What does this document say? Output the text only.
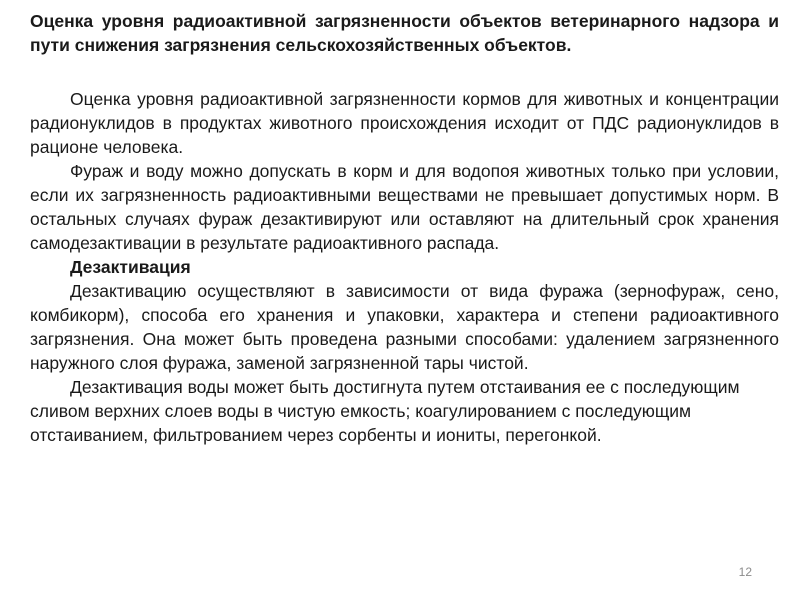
Оценка уровня радиоактивной загрязненности объектов ветеринарного надзора и пути снижения загрязнения сельскохозяйственных объектов.

Оценка уровня радиоактивной загрязненности кормов для животных и концентрации радионуклидов в продуктах животного происхождения исходит от ПДС радионуклидов в рационе человека.

Фураж и воду можно допускать в корм и для водопоя животных только при условии, если их загрязненность радиоактивными веществами не превышает допустимых норм. В остальных случаях фураж дезактивируют или оставляют на длительный срок хранения самодезактивации в результате радиоактивного распада.

Дезактивация

Дезактивацию осуществляют в зависимости от вида фуража (зернофураж, сено, комбикорм), способа его хранения и упаковки, характера и степени радиоактивного загрязнения. Она может быть проведена разными способами: удалением загрязненного наружного слоя фуража, заменой загрязненной тары чистой.

Дезактивация воды может быть достигнута путем отстаивания ее с последующим сливом верхних слоев воды в чистую емкость; коагулированием с последующим отстаиванием, фильтрованием через сорбенты и иониты, перегонкой.

12
